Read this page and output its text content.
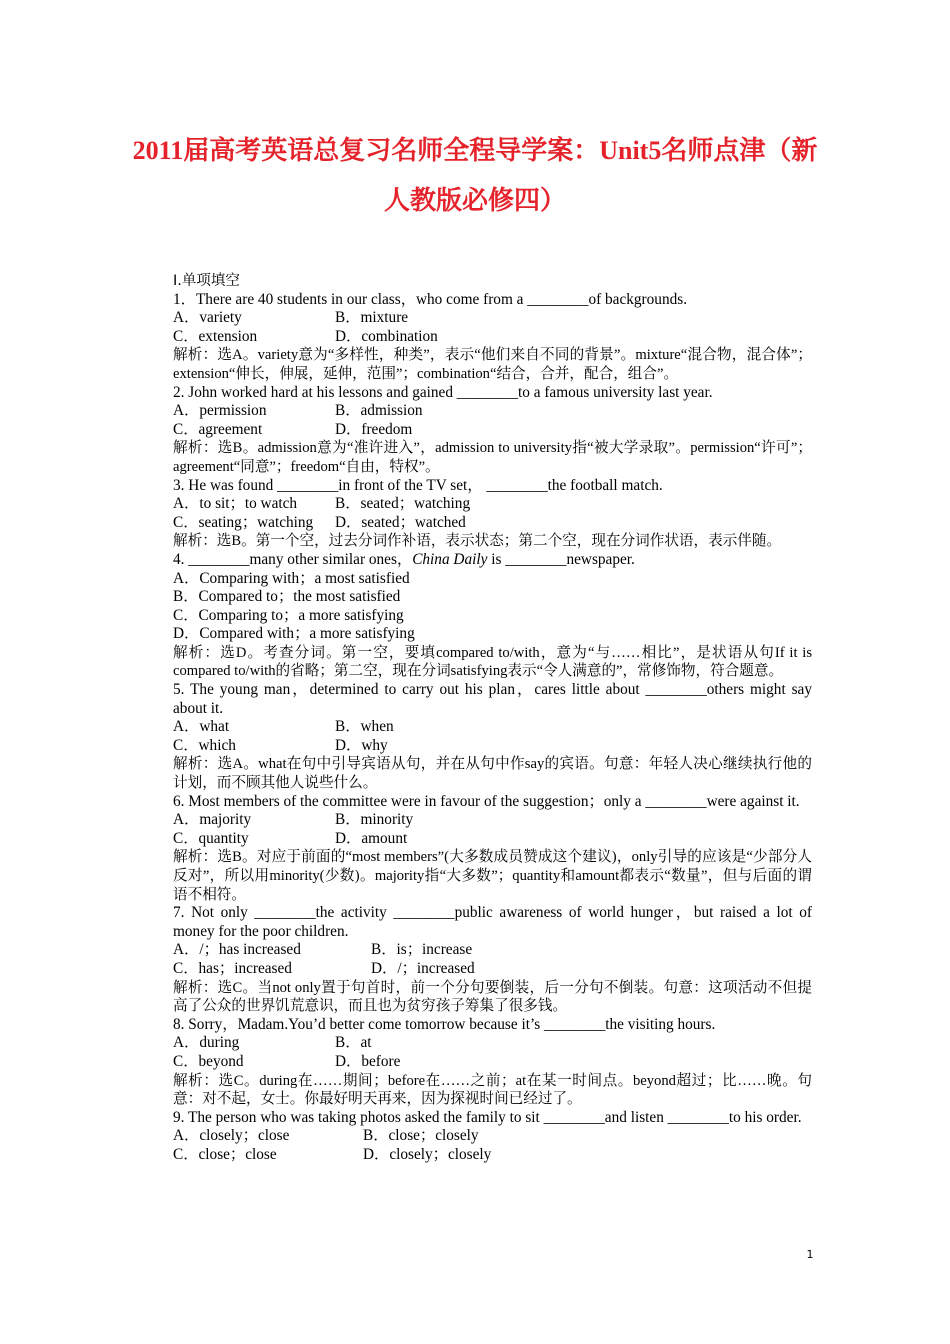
2011届高考英语总复习名师全程导学案：Unit5名师点津（新人教版必修四）
Ⅰ.单项填空
1．There are 40 students in our class，who come from a ________of backgrounds.
A．variety	B．mixture
C．extension	D．combination
解析：选A。variety意为“多样性，种类”，表示“他们来自不同的背景”。mixture“混合物，混合体”；extension“伸长，伸展，延伸，范围”；combination“结合，合并，配合，组合”。
2. John worked hard at his lessons and gained ________to a famous university last year.
A．permission	B．admission
C．agreement	D．freedom
解析：选B。admission意为“准许进入”，admission to university指“被大学录取”。permission“许可”；agreement“同意”；freedom“自由，特权”。
3. He was found ________in front of the TV set， ________the football match.
A．to sit；to watch B．seated；watching
C．seating；watching D．seated；watched
解析：选B。第一个空，过去分词作补语，表示状态；第二个空，现在分词作状语，表示伴随。
4. ________many other similar ones，China Daily is ________newspaper.
A．Comparing with；a most satisfied
B．Compared to；the most satisfied
C．Comparing to；a more satisfying
D．Compared with；a more satisfying
解析：选D。考查分词。第一空，要填compared to/with，意为“与……相比”，是状语从句If it is compared to/with的省略；第二空，现在分词satisfying表示“令人满意的”，常修饰物，符合题意。
5. The young man，determined to carry out his plan，cares little about ________others might say about it.
A．what	B．when
C．which	D．why
解析：选A。what在句中引导宾语从句，并在从句中作say的宾语。句意：年轻人决心继续执行他的计划，而不顾其他人说些什么。
6. Most members of the committee were in favour of the suggestion；only a ________were against it.
A．majority	B．minority
C．quantity	D．amount
解析：选B。对应于前面的“most members”(大多数成员赞成这个建议)，only引导的应该是“少部分人反对”，所以用minority(少数)。majority指“大多数”；quantity和amount都表示“数量”，但与后面的谓语不相符。
7. Not only ________the activity ________public awareness of world hunger，but raised a lot of money for the poor children.
A．/；has increased	B．is；increase
C．has；increased	D．/；increased
解析：选C。当not only置于句首时，前一个分句要倒装，后一分句不倒装。句意：这项活动不但提高了公众的世界饥荒意识，而且也为贫穷孩子筹集了很多钱。
8. Sorry，Madam.You’d better come tomorrow because it’s ________the visiting hours.
A．during	B．at
C．beyond	D．before
解析：选C。during在……期间；before在……之前；at在某一时间点。beyond超过；比……晚。句意：对不起，女士。你最好明天再来，因为探视时间已经过了。
9. The person who was taking photos asked the family to sit ________and listen ________to his order.
A．closely；close	B．close；closely
C．close；close	D．closely；closely
1
